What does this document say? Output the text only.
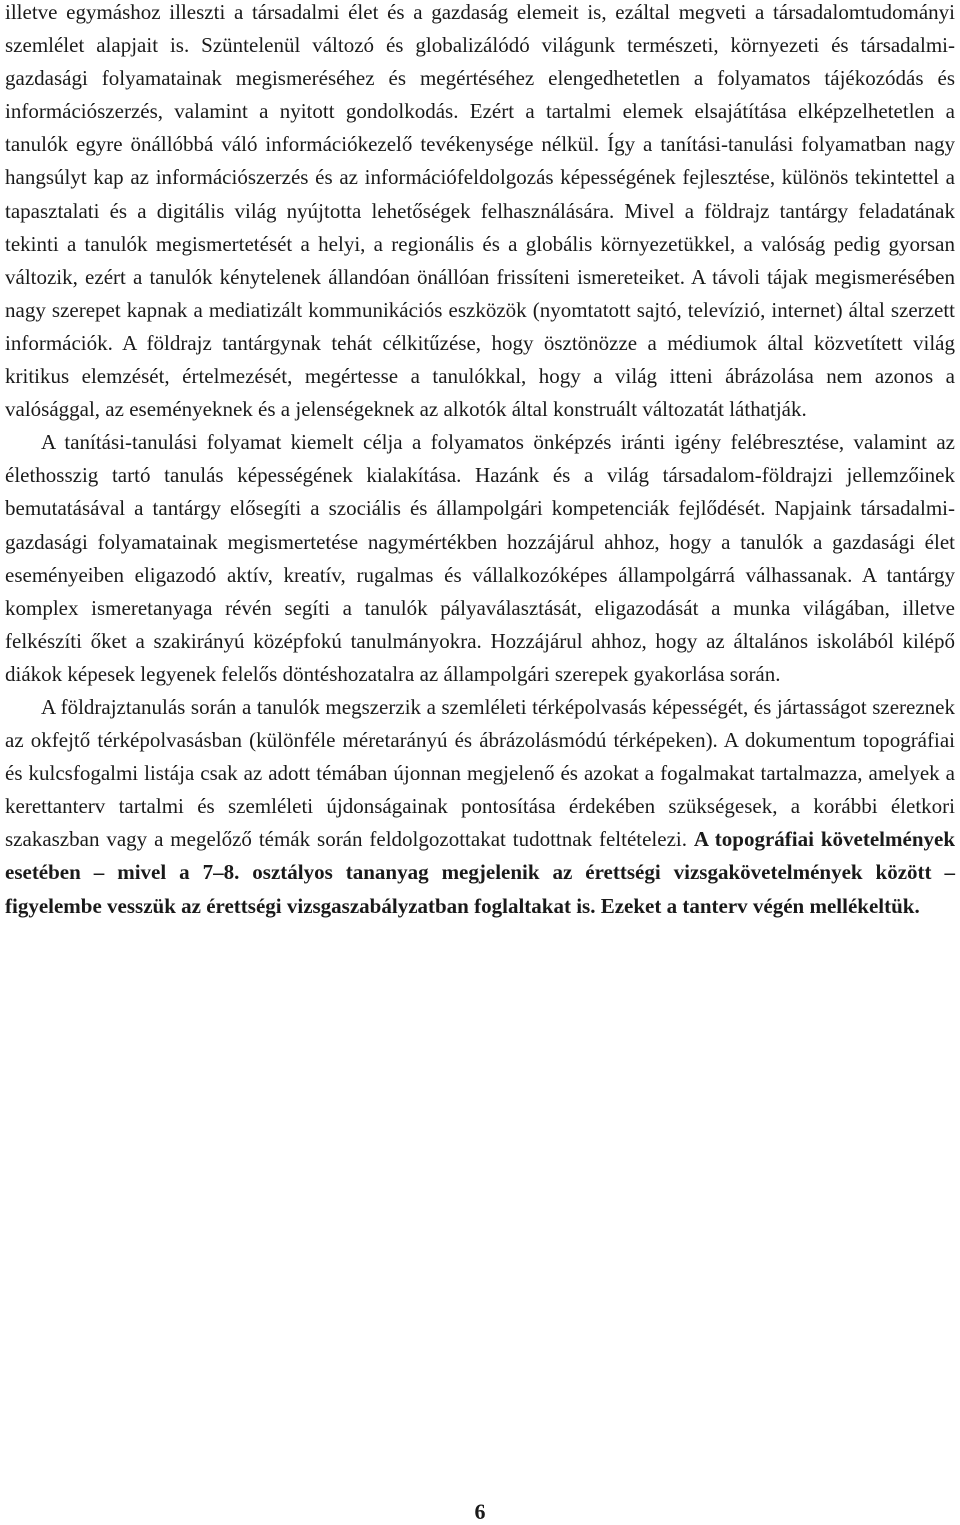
illetve egymáshoz illeszti a társadalmi élet és a gazdaság elemeit is, ezáltal megveti a társadalomtudományi szemlélet alapjait is. Szüntelenül változó és globalizálódó világunk természeti, környezeti és társadalmi-gazdasági folyamatainak megismeréséhez és megértéséhez elengedhetetlen a folyamatos tájékozódás és információszerzés, valamint a nyitott gondolkodás. Ezért a tartalmi elemek elsajátítása elképzelhetetlen a tanulók egyre önállóbbá váló információkezelő tevékenysége nélkül. Így a tanítási-tanulási folyamatban nagy hangsúlyt kap az információszerzés és az információfeldolgozás képességének fejlesztése, különös tekintettel a tapasztalati és a digitális világ nyújtotta lehetőségek felhasználására. Mivel a földrajz tantárgy feladatának tekinti a tanulók megismertetését a helyi, a regionális és a globális környezetükkel, a valóság pedig gyorsan változik, ezért a tanulók kénytelenek állandóan önállóan frissíteni ismereteiket. A távoli tájak megismerésében nagy szerepet kapnak a mediatizált kommunikációs eszközök (nyomtatott sajtó, televízió, internet) által szerzett információk. A földrajz tantárgynak tehát célkitűzése, hogy ösztönözze a médiumok által közvetített világ kritikus elemzését, értelmezését, megértesse a tanulókkal, hogy a világ itteni ábrázolása nem azonos a valósággal, az eseményeknek és a jelenségeknek az alkotók által konstruált változatát láthatják.

A tanítási-tanulási folyamat kiemelt célja a folyamatos önképzés iránti igény felébresztése, valamint az élethosszig tartó tanulás képességének kialakítása. Hazánk és a világ társadalom-földrajzi jellemzőinek bemutatásával a tantárgy elősegíti a szociális és állampolgári kompetenciák fejlődését. Napjaink társadalmi-gazdasági folyamatainak megismertetése nagymértékben hozzájárul ahhoz, hogy a tanulók a gazdasági élet eseményeiben eligazodó aktív, kreatív, rugalmas és vállalkozóképes állampolgárrá válhassanak. A tantárgy komplex ismeretanyaga révén segíti a tanulók pályaválasztását, eligazodását a munka világában, illetve felkészíti őket a szakirányú középfokú tanulmányokra. Hozzájárul ahhoz, hogy az általános iskolából kilépő diákok képesek legyenek felelős döntéshozatalra az állampolgári szerepek gyakorlása során.

A földrajztanulás során a tanulók megszerzik a szemléleti térképolvasás képességét, és jártasságot szereznek az okfejtő térképolvasásban (különféle méretarányú és ábrázolásmódú térképeken). A dokumentum topográfiai és kulcsfogalmi listája csak az adott témában újonnan megjelenő és azokat a fogalmakat tartalmazza, amelyek a kerettanterv tartalmi és szemléleti újdonságainak pontosítása érdekében szükségesek, a korábbi életkori szakaszban vagy a megelőző témák során feldolgozottakat tudottnak feltételezi. A topográfiai követelmények esetében – mivel a 7–8. osztályos tananyag megjelenik az érettségi vizsgakövetelmények között – figyelembe vesszük az érettségi vizsgaszabályzatban foglaltakat is. Ezeket a tanterv végén mellékeltük.

6
